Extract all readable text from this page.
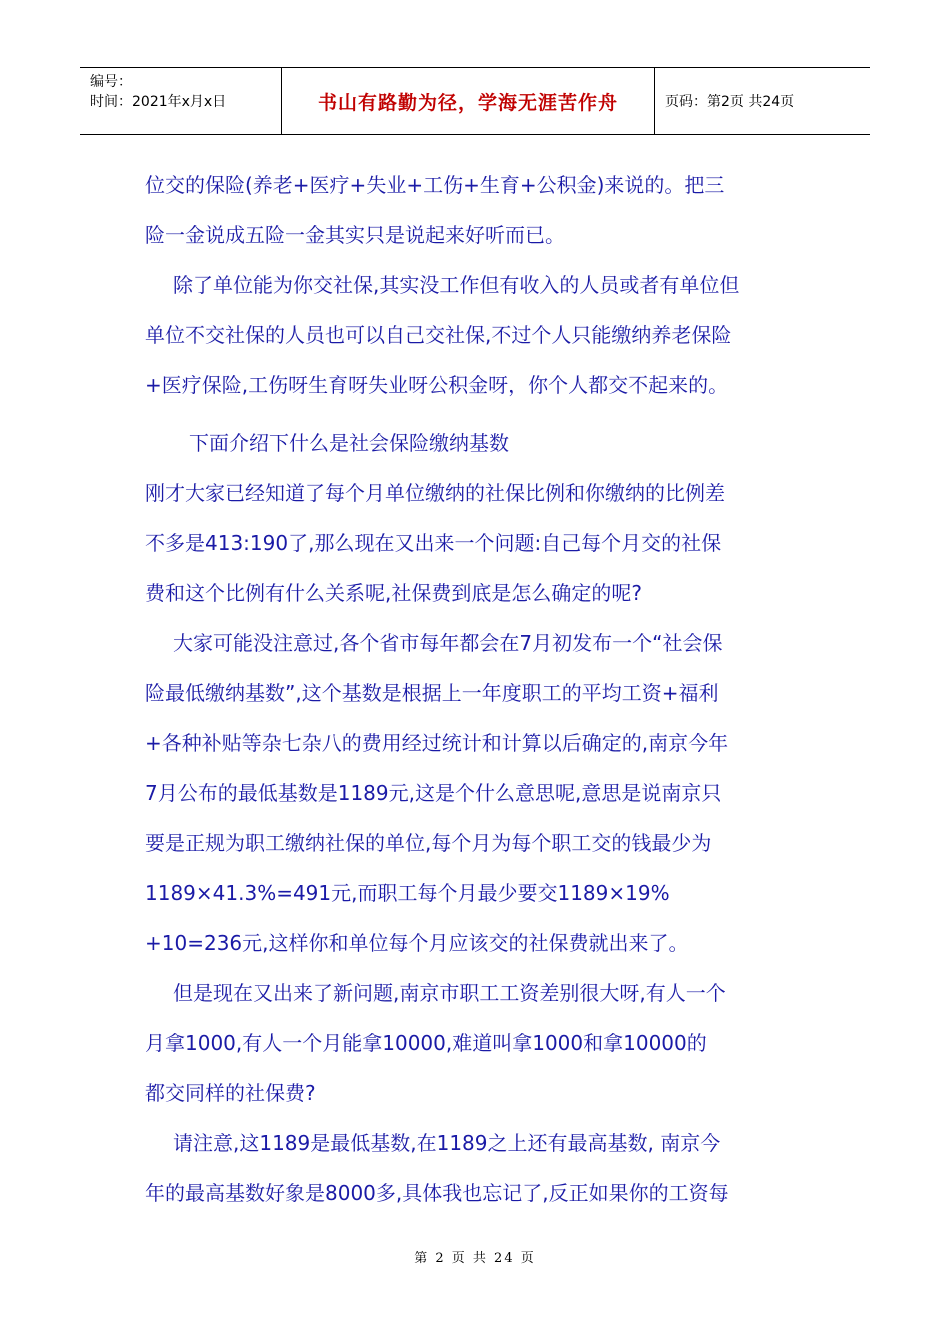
编号：
时间：2021年x月x日	书山有路勤为径，学海无涯苦作舟	页码：第2页 共24页

位交的保险(养老+医疗+失业+工伤+生育+公积金)来说的。把三

险一金说成五险一金其实只是说起来好听而已。

除了单位能为你交社保,其实没工作但有收入的人员或者有单位但

单位不交社保的人员也可以自己交社保,不过个人只能缴纳养老保险

+医疗保险,工伤呀生育呀失业呀公积金呀，你个人都交不起来的。

下面介绍下什么是社会保险缴纳基数

刚才大家已经知道了每个月单位缴纳的社保比例和你缴纳的比例差

不多是413:190了,那么现在又出来一个问题:自己每个月交的社保

费和这个比例有什么关系呢,社保费到底是怎么确定的呢?

大家可能没注意过,各个省市每年都会在7月初发布一个“社会保

险最低缴纳基数”,这个基数是根据上一年度职工的平均工资+福利

+各种补贴等杂七杂八的费用经过统计和计算以后确定的,南京今年

7月公布的最低基数是1189元,这是个什么意思呢,意思是说南京只

要是正规为职工缴纳社保的单位,每个月为每个职工交的钱最少为

1189×41.3%=491元,而职工每个月最少要交1189×19%

+10=236元,这样你和单位每个月应该交的社保费就出来了。

但是现在又出来了新问题,南京市职工工资差别很大呀,有人一个

月拿1000,有人一个月能拿10000,难道叫拿1000和拿10000的

都交同样的社保费?

请注意,这1189是最低基数,在1189之上还有最高基数, 南京今

年的最高基数好象是8000多,具体我也忘记了,反正如果你的工资每

第 2 页 共 24 页
